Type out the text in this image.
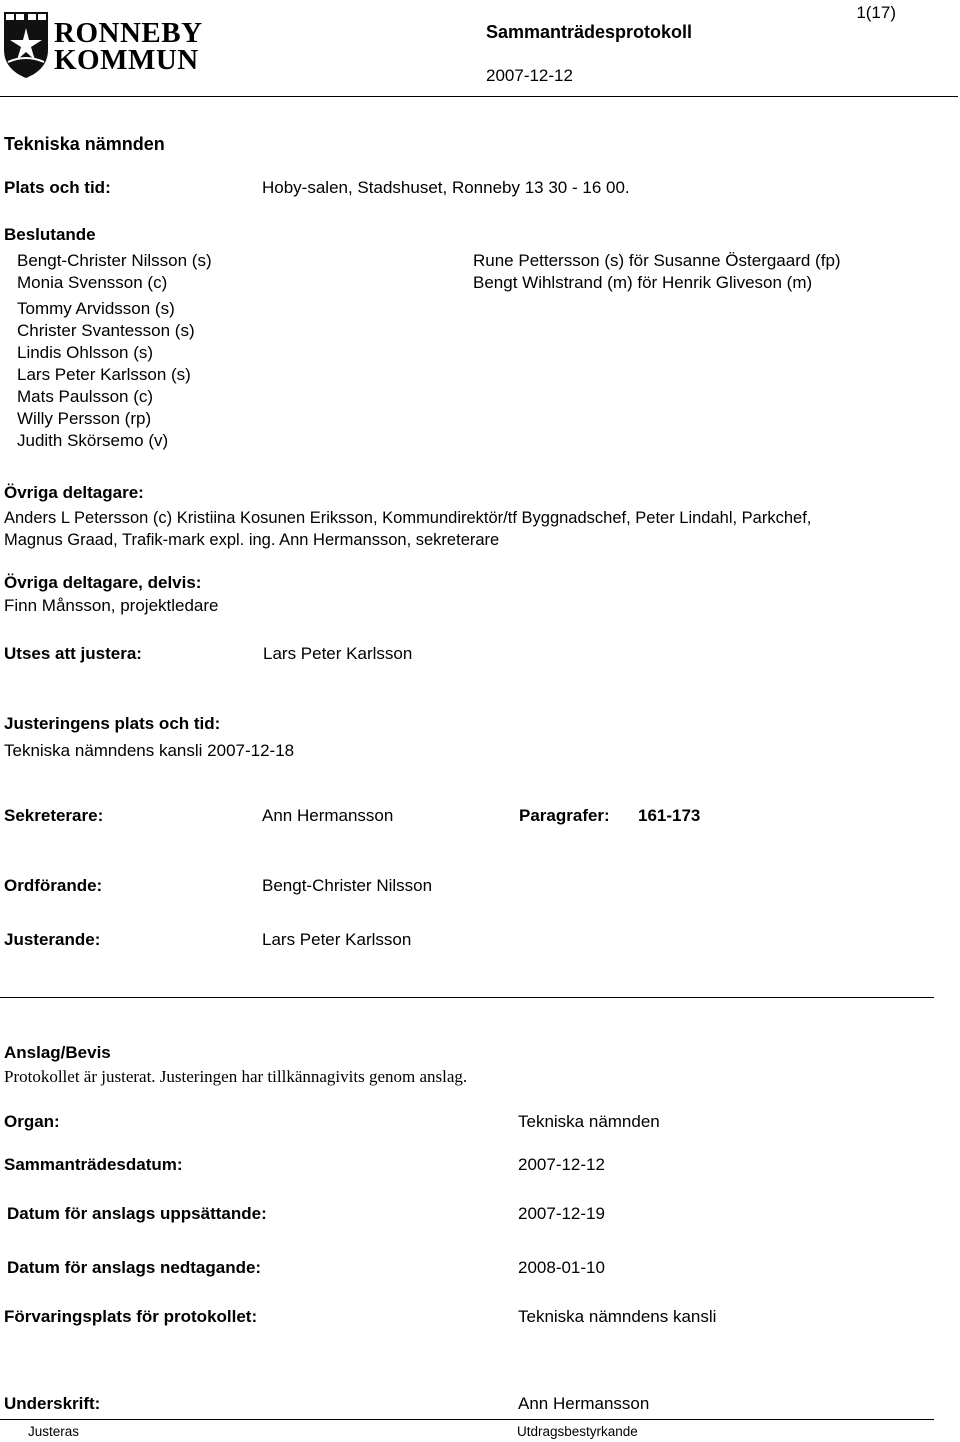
1(17)
RONNEBY
KOMMUN
Sammanträdesprotokoll
2007-12-12
Tekniska nämnden
Plats och tid:	Hoby-salen, Stadshuset, Ronneby 13 30 - 16 00.
Beslutande
Bengt-Christer Nilsson (s)
Monia Svensson (c)
Tommy Arvidsson (s)
Christer Svantesson (s)
Lindis Ohlsson (s)
Lars Peter Karlsson (s)
Mats Paulsson (c)
Willy Persson (rp)
Judith Skörsemo (v)
Rune Pettersson (s) för Susanne Östergaard (fp)
Bengt Wihlstrand (m) för Henrik Gliveson (m)
Övriga deltagare:
Anders L Petersson (c) Kristiina Kosunen Eriksson, Kommundirektör/tf Byggnadschef, Peter Lindahl, Parkchef,
Magnus Graad, Trafik-mark expl. ing. Ann Hermansson, sekreterare
Övriga deltagare, delvis:
Finn Månsson, projektledare
Utses att justera:	Lars Peter Karlsson
Justeringens plats och tid:
Tekniska nämndens kansli 2007-12-18
Sekreterare:	Ann Hermansson	Paragrafer: 161-173
Ordförande:	Bengt-Christer Nilsson
Justerande:	Lars Peter Karlsson
Anslag/Bevis
Protokollet är justerat. Justeringen har tillkännagivits genom anslag.
Organ:	Tekniska nämnden
Sammanträdesdatum:	2007-12-12
Datum för anslags uppsättande:	2007-12-19
Datum för anslags nedtagande:	2008-01-10
Förvaringsplats för protokollet:	Tekniska nämndens kansli
Underskrift:	Ann Hermansson
Justeras	Utdragsbestyrkande
